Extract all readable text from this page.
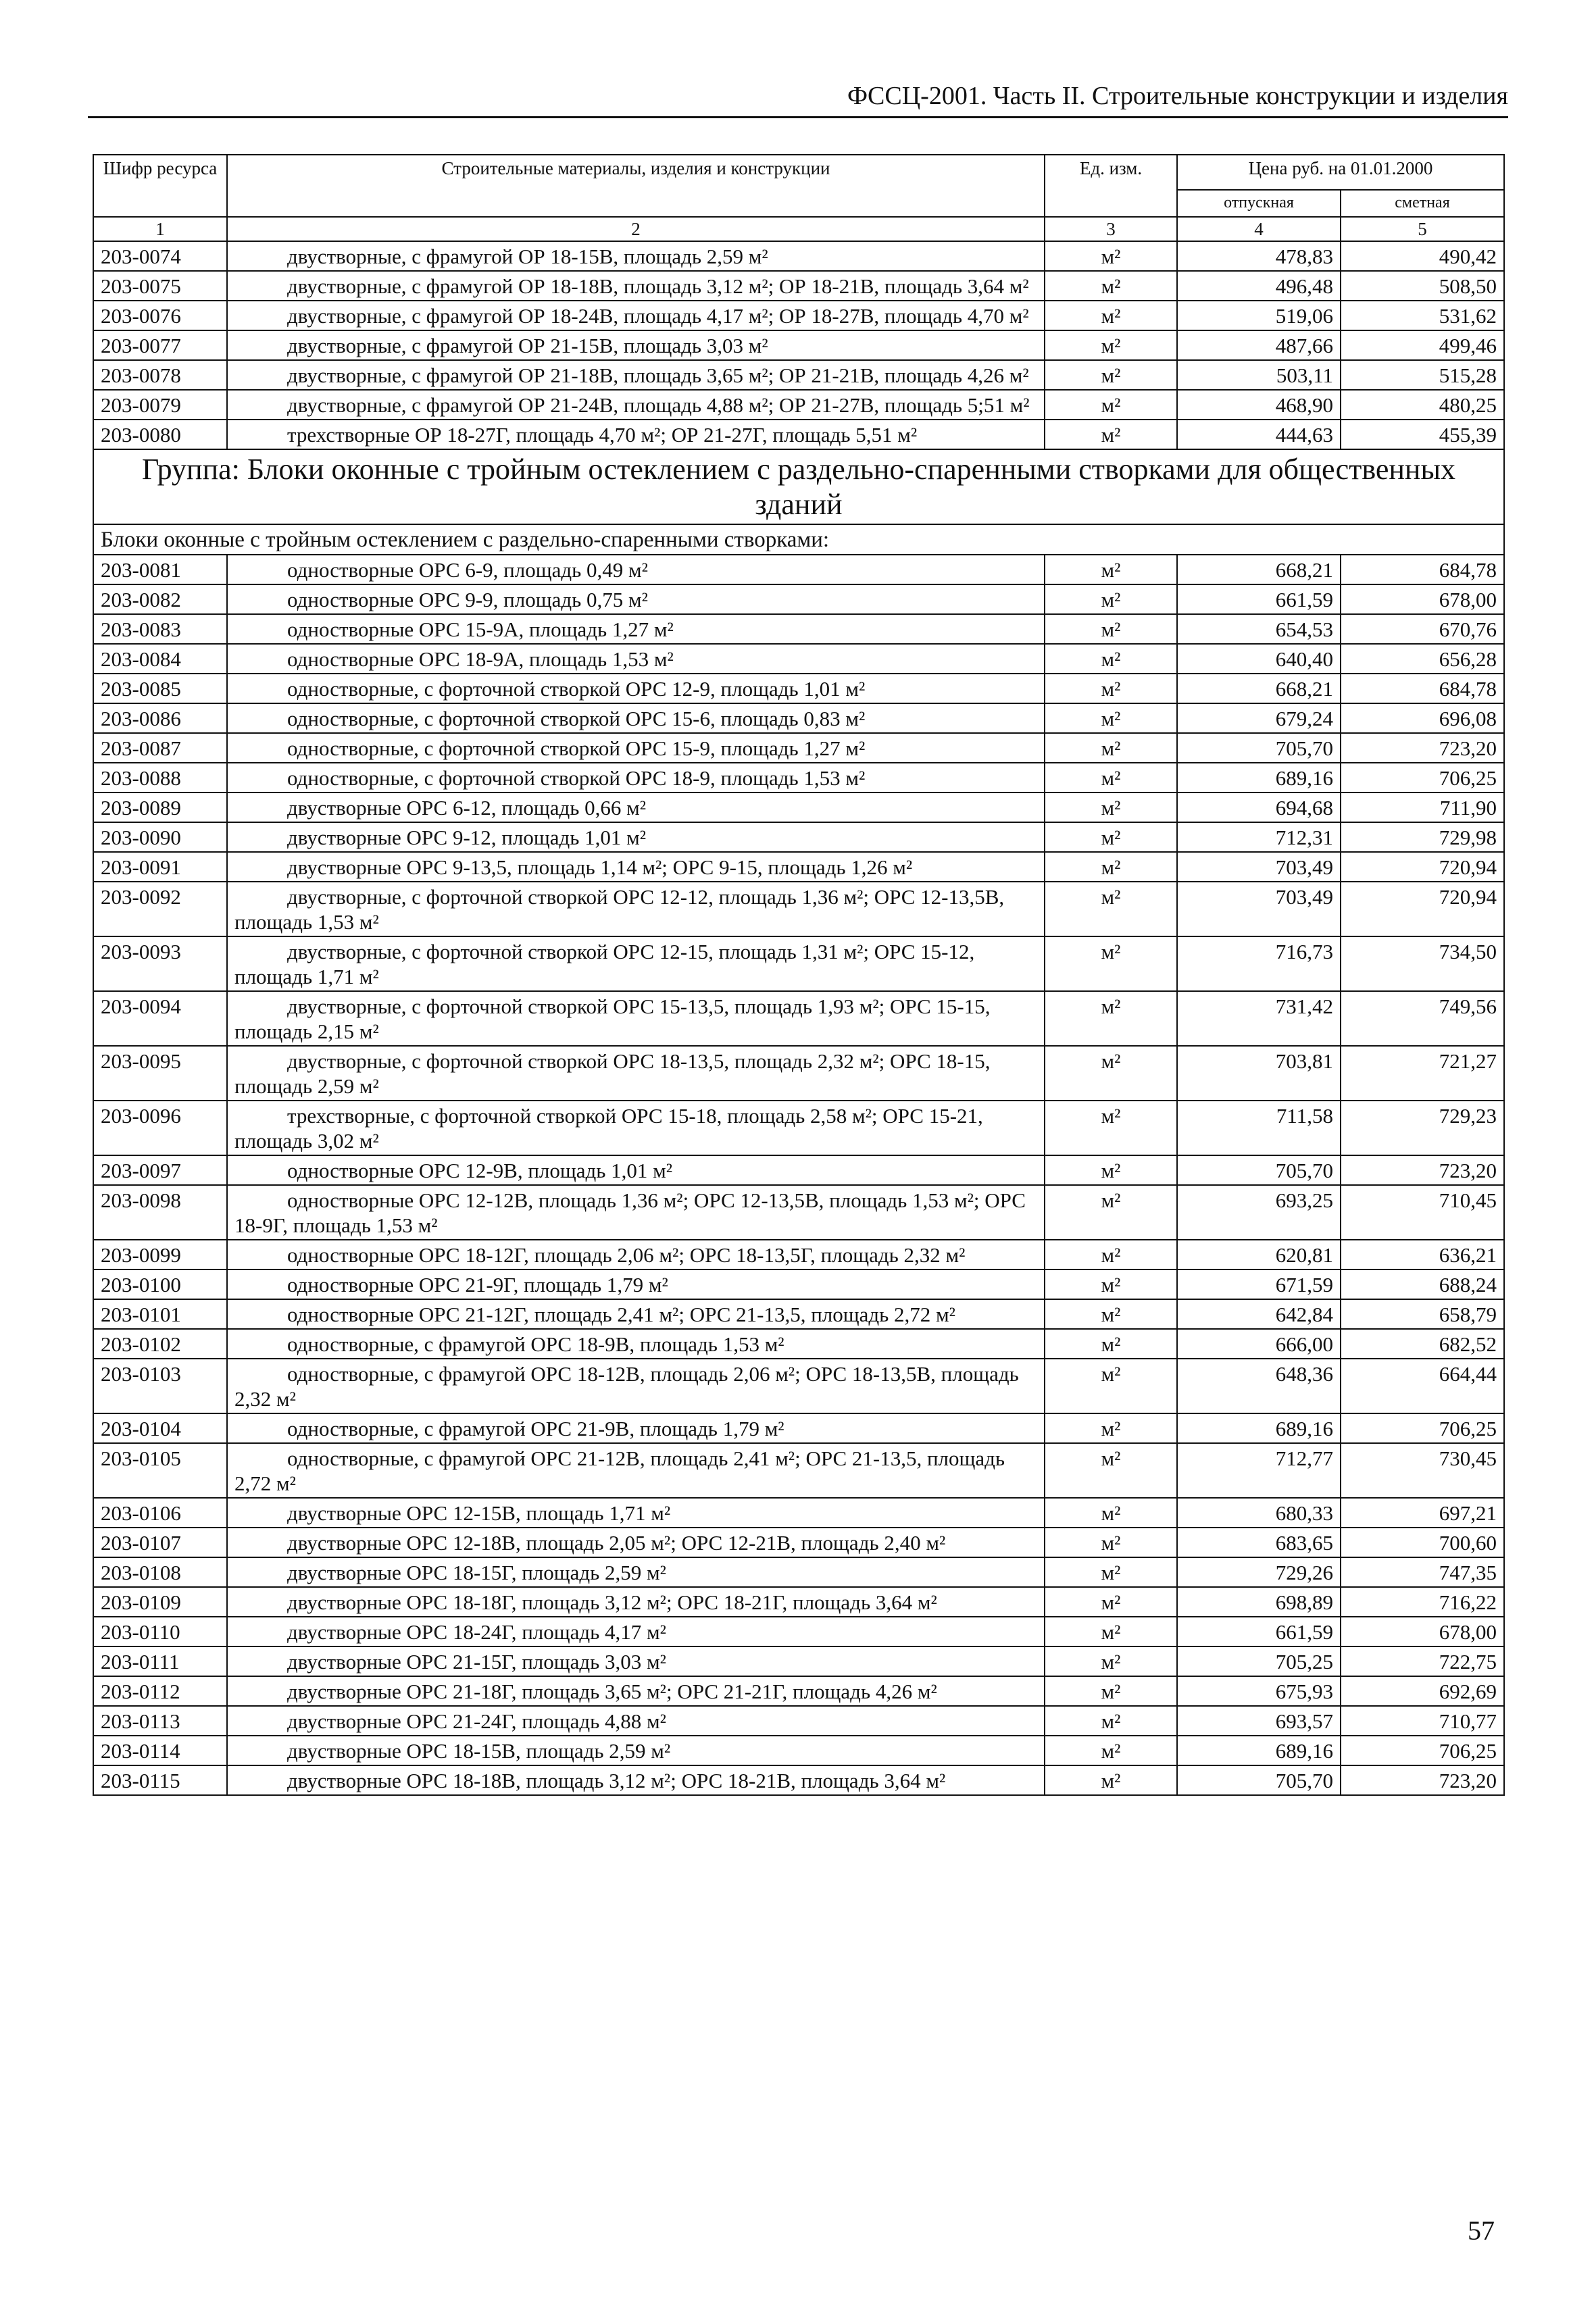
ФССЦ-2001. Часть II. Строительные конструкции и изделия
Шифр ресурса	Строительные материалы, изделия и конструкции	Ед. изм.	Цена руб. на 01.01.2000	
			отпускная	сметная
1	2	3	4	5
203-0074	двустворные, с фрамугой ОР 18-15В, площадь 2,59 м²	м²	478,83	490,42
203-0075	двустворные, с фрамугой ОР 18-18В, площадь 3,12 м²; ОР 18-21В, площадь 3,64 м²	м²	496,48	508,50
203-0076	двустворные, с фрамугой ОР 18-24В, площадь 4,17 м²; ОР 18-27В, площадь 4,70 м²	м²	519,06	531,62
203-0077	двустворные, с фрамугой ОР 21-15В, площадь 3,03 м²	м²	487,66	499,46
203-0078	двустворные, с фрамугой ОР 21-18В, площадь 3,65 м²; ОР 21-21В, площадь 4,26 м²	м²	503,11	515,28
203-0079	двустворные, с фрамугой ОР 21-24В, площадь 4,88 м²; ОР 21-27В, площадь 5;51 м²	м²	468,90	480,25
203-0080	трехстворные ОР 18-27Г, площадь 4,70 м²; ОР 21-27Г, площадь 5,51 м²	м²	444,63	455,39
Группа: Блоки оконные с тройным остеклением с раздельно-спаренными створками для общественных зданий				
Блоки оконные с тройным остеклением с раздельно-спаренными створками:				
203-0081	одностворные ОРС 6-9, площадь 0,49 м²	м²	668,21	684,78
203-0082	одностворные ОРС 9-9, площадь 0,75 м²	м²	661,59	678,00
203-0083	одностворные ОРС 15-9А, площадь 1,27 м²	м²	654,53	670,76
203-0084	одностворные ОРС 18-9А, площадь 1,53 м²	м²	640,40	656,28
203-0085	одностворные, с форточной створкой ОРС 12-9, площадь 1,01 м²	м²	668,21	684,78
203-0086	одностворные, с форточной створкой ОРС 15-6, площадь 0,83 м²	м²	679,24	696,08
203-0087	одностворные, с форточной створкой ОРС 15-9, площадь 1,27 м²	м²	705,70	723,20
203-0088	одностворные, с форточной створкой ОРС 18-9, площадь 1,53 м²	м²	689,16	706,25
203-0089	двустворные ОРС 6-12, площадь 0,66 м²	м²	694,68	711,90
203-0090	двустворные ОРС 9-12, площадь 1,01 м²	м²	712,31	729,98
203-0091	двустворные ОРС 9-13,5, площадь 1,14 м²; ОРС 9-15, площадь 1,26 м²	м²	703,49	720,94
203-0092	двустворные, с форточной створкой ОРС 12-12, площадь 1,36 м²; ОРС 12-13,5В, площадь 1,53 м²	м²	703,49	720,94
203-0093	двустворные, с форточной створкой ОРС 12-15, площадь 1,31 м²; ОРС 15-12, площадь 1,71 м²	м²	716,73	734,50
203-0094	двустворные, с форточной створкой ОРС 15-13,5, площадь 1,93 м²; ОРС 15-15, площадь 2,15 м²	м²	731,42	749,56
203-0095	двустворные, с форточной створкой ОРС 18-13,5, площадь 2,32 м²; ОРС 18-15, площадь 2,59 м²	м²	703,81	721,27
203-0096	трехстворные, с форточной створкой ОРС 15-18, площадь 2,58 м²; ОРС 15-21, площадь 3,02 м²	м²	711,58	729,23
203-0097	одностворные ОРС 12-9В, площадь 1,01 м²	м²	705,70	723,20
203-0098	одностворные ОРС 12-12В, площадь 1,36 м²; ОРС 12-13,5В, площадь 1,53 м²; ОРС 18-9Г, площадь 1,53 м²	м²	693,25	710,45
203-0099	одностворные ОРС 18-12Г, площадь 2,06 м²; ОРС 18-13,5Г, площадь 2,32 м²	м²	620,81	636,21
203-0100	одностворные ОРС 21-9Г, площадь 1,79 м²	м²	671,59	688,24
203-0101	одностворные ОРС 21-12Г, площадь 2,41 м²; ОРС 21-13,5, площадь 2,72 м²	м²	642,84	658,79
203-0102	одностворные, с фрамугой ОРС 18-9В, площадь 1,53 м²	м²	666,00	682,52
203-0103	одностворные, с фрамугой ОРС 18-12В, площадь 2,06 м²; ОРС 18-13,5В, площадь 2,32 м²	м²	648,36	664,44
203-0104	одностворные, с фрамугой ОРС 21-9В, площадь 1,79 м²	м²	689,16	706,25
203-0105	одностворные, с фрамугой ОРС 21-12В, площадь 2,41 м²; ОРС 21-13,5, площадь 2,72 м²	м²	712,77	730,45
203-0106	двустворные ОРС 12-15В, площадь 1,71 м²	м²	680,33	697,21
203-0107	двустворные ОРС 12-18В, площадь 2,05 м²; ОРС 12-21В, площадь 2,40 м²	м²	683,65	700,60
203-0108	двустворные ОРС 18-15Г, площадь 2,59 м²	м²	729,26	747,35
203-0109	двустворные ОРС 18-18Г, площадь 3,12 м²; ОРС 18-21Г, площадь 3,64 м²	м²	698,89	716,22
203-0110	двустворные ОРС 18-24Г, площадь 4,17 м²	м²	661,59	678,00
203-0111	двустворные ОРС 21-15Г, площадь 3,03 м²	м²	705,25	722,75
203-0112	двустворные ОРС 21-18Г, площадь 3,65 м²; ОРС 21-21Г, площадь 4,26 м²	м²	675,93	692,69
203-0113	двустворные ОРС 21-24Г, площадь 4,88 м²	м²	693,57	710,77
203-0114	двустворные ОРС 18-15В, площадь 2,59 м²	м²	689,16	706,25
203-0115	двустворные ОРС 18-18В, площадь 3,12 м²; ОРС 18-21В, площадь 3,64 м²	м²	705,70	723,20
57
